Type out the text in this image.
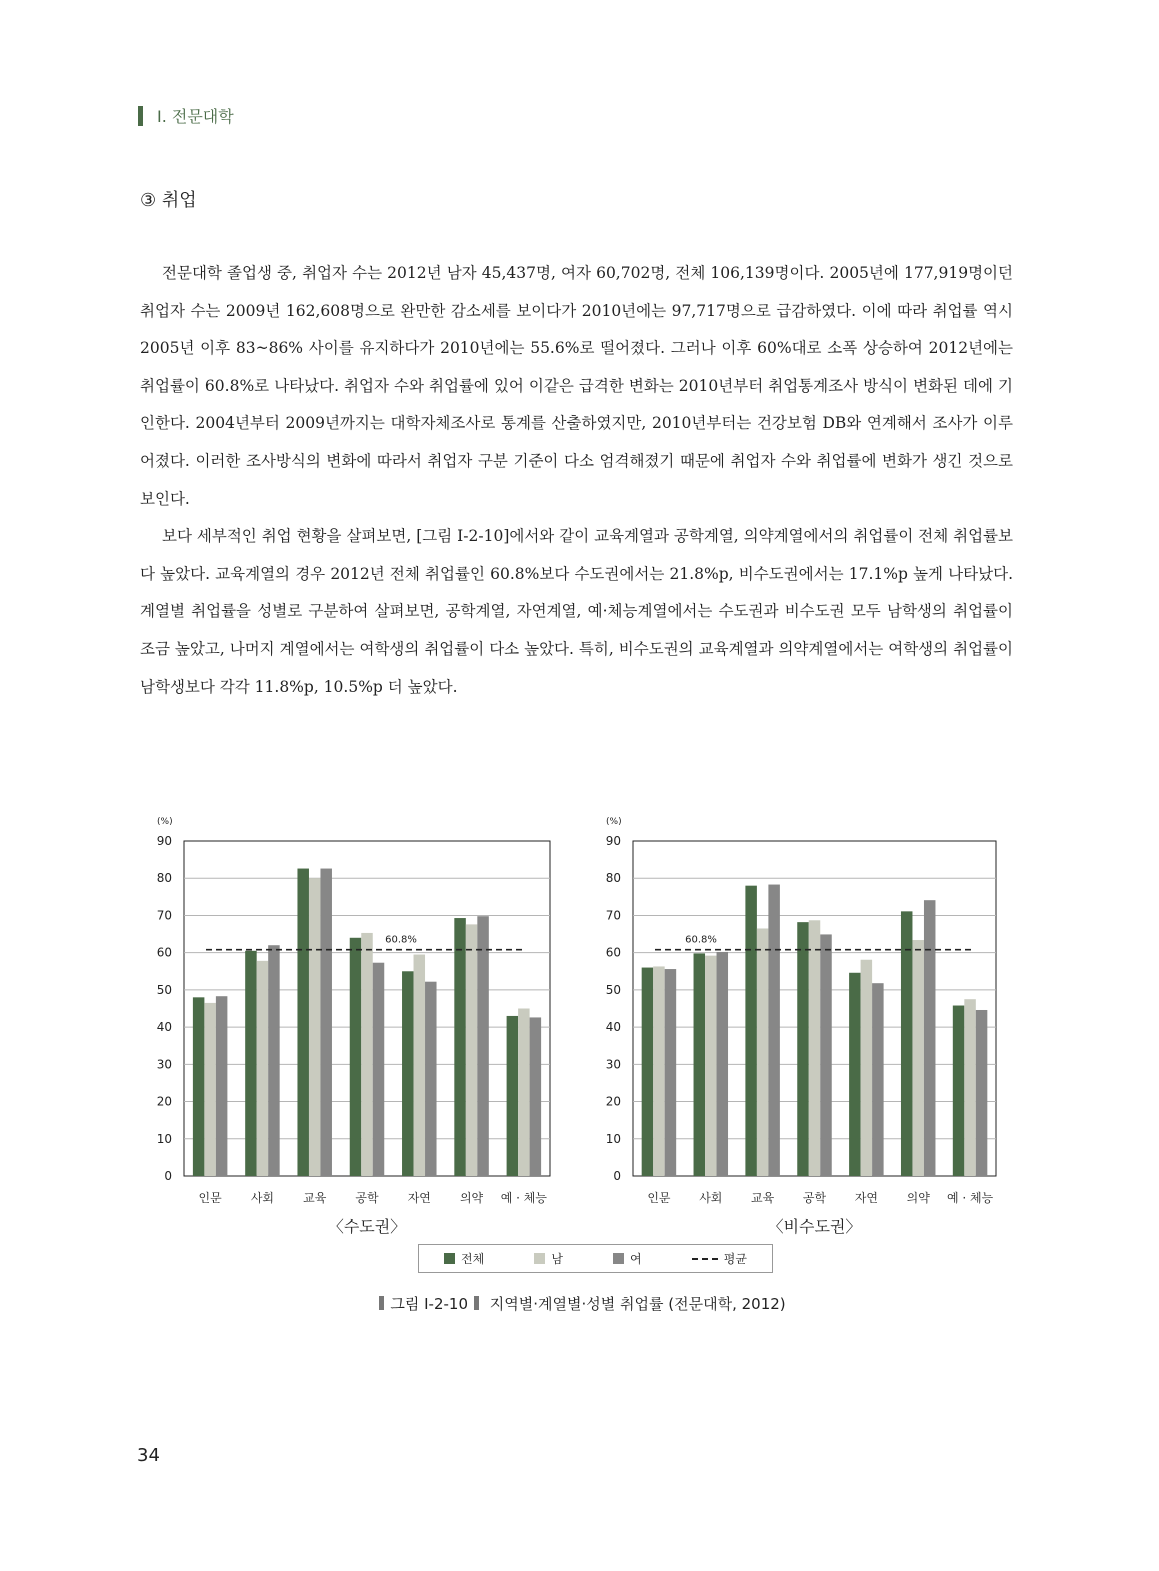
Ⅰ. 전문대학
③ 취업

전문대학 졸업생 중, 취업자 수는 2012년 남자 45,437명, 여자 60,702명, 전체 106,139명이다. 2005년에 177,919명이던 취업자 수는 2009년 162,608명으로 완만한 감소세를 보이다가 2010년에는 97,717명으로 급감하였다. 이에 따라 취업률 역시 2005년 이후 83~86% 사이를 유지하다가 2010년에는 55.6%로 떨어졌다. 그러나 이후 60%대로 소폭 상승하여 2012년에는 취업률이 60.8%로 나타났다. 취업자 수와 취업률에 있어 이같은 급격한 변화는 2010년부터 취업통계조사 방식이 변화된 데에 기인한다. 2004년부터 2009년까지는 대학자체조사로 통계를 산출하였지만, 2010년부터는 건강보험 DB와 연계해서 조사가 이루어졌다. 이러한 조사방식의 변화에 따라서 취업자 구분 기준이 다소 엄격해졌기 때문에 취업자 수와 취업률에 변화가 생긴 것으로 보인다.

보다 세부적인 취업 현황을 살펴보면, [그림 Ⅰ-2-10]에서와 같이 교육계열과 공학계열, 의약계열에서의 취업률이 전체 취업률보다 높았다. 교육계열의 경우 2012년 전체 취업률인 60.8%보다 수도권에서는 21.8%p, 비수도권에서는 17.1%p 높게 나타났다. 계열별 취업률을 성별로 구분하여 살펴보면, 공학계열, 자연계열, 예·체능계열에서는 수도권과 비수도권 모두 남학생의 취업률이 조금 높았고, 나머지 계열에서는 여학생의 취업률이 다소 높았다. 특히, 비수도권의 교육계열과 의약계열에서는 여학생의 취업률이 남학생보다 각각 11.8%p, 10.5%p 더 높았다.

0
10
20
30
40
50
60
70
80
90
(%)
인문 사회 교육 공학 자연 의약 예 · 체능
60.8%
〈수도권〉
0
10
20
30
40
50
60
70
80
90
(%)
인문 사회 교육 공학 자연 의약 예 · 체능
60.8%
〈비수도권〉
전체	남	여	평균
그림 Ⅰ-2-10 지역별·계열별·성별 취업률 (전문대학, 2012)
34
